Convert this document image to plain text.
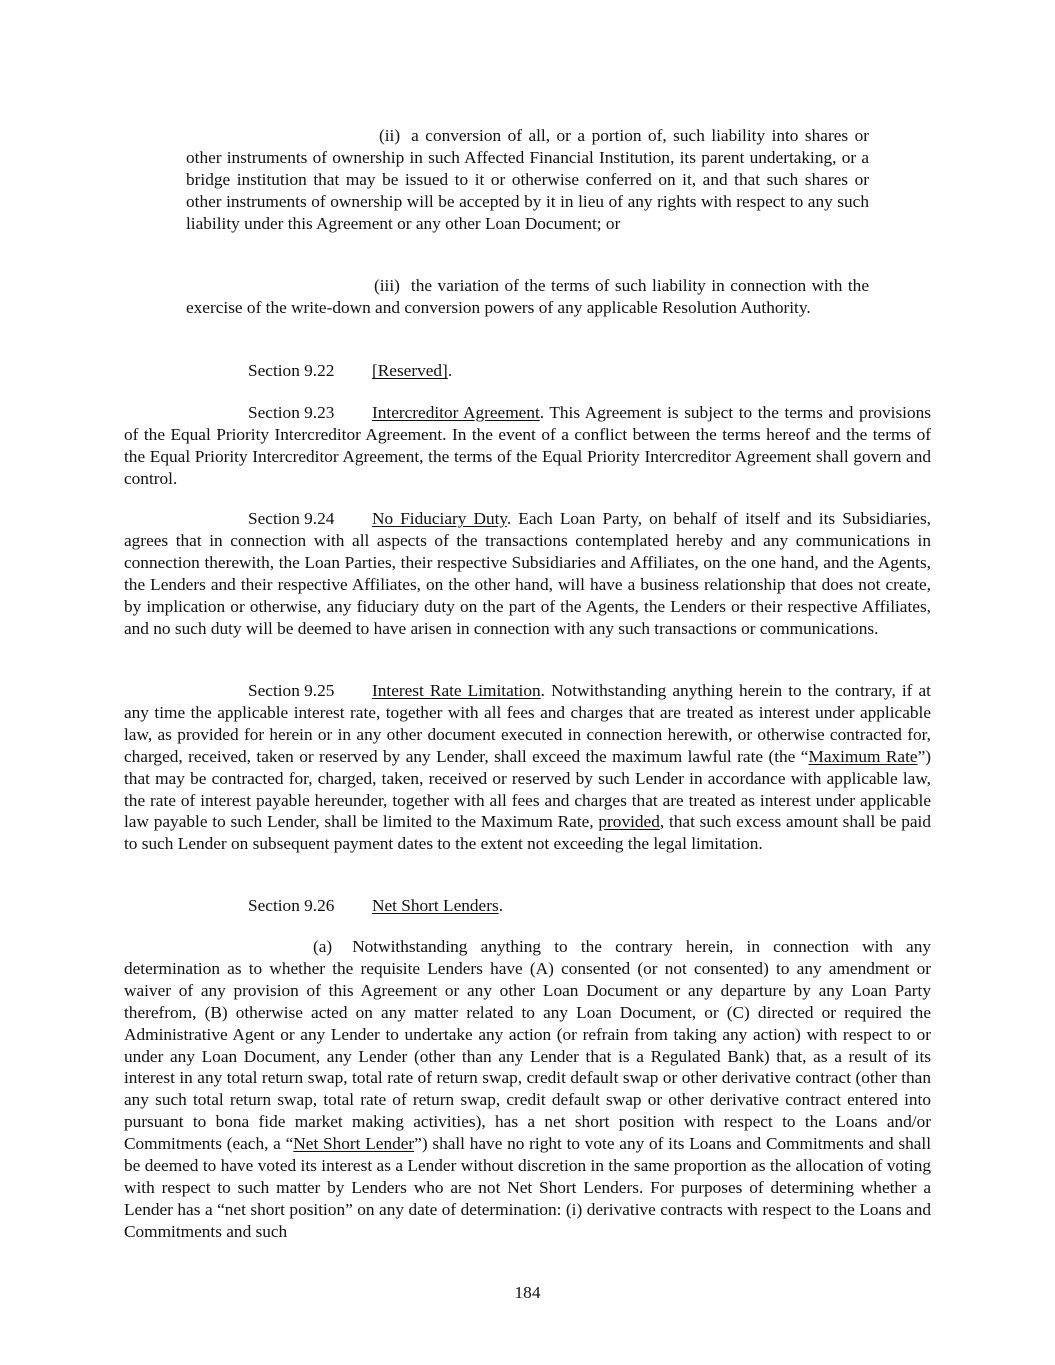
(ii) a conversion of all, or a portion of, such liability into shares or other instruments of ownership in such Affected Financial Institution, its parent undertaking, or a bridge institution that may be issued to it or otherwise conferred on it, and that such shares or other instruments of ownership will be accepted by it in lieu of any rights with respect to any such liability under this Agreement or any other Loan Document; or

(iii) the variation of the terms of such liability in connection with the exercise of the write-down and conversion powers of any applicable Resolution Authority.

Section 9.22 [Reserved].

Section 9.23 Intercreditor Agreement. This Agreement is subject to the terms and provisions of the Equal Priority Intercreditor Agreement. In the event of a conflict between the terms hereof and the terms of the Equal Priority Intercreditor Agreement, the terms of the Equal Priority Intercreditor Agreement shall govern and control.

Section 9.24 No Fiduciary Duty. Each Loan Party, on behalf of itself and its Subsidiaries, agrees that in connection with all aspects of the transactions contemplated hereby and any communications in connection therewith, the Loan Parties, their respective Subsidiaries and Affiliates, on the one hand, and the Agents, the Lenders and their respective Affiliates, on the other hand, will have a business relationship that does not create, by implication or otherwise, any fiduciary duty on the part of the Agents, the Lenders or their respective Affiliates, and no such duty will be deemed to have arisen in connection with any such transactions or communications.

Section 9.25 Interest Rate Limitation. Notwithstanding anything herein to the contrary, if at any time the applicable interest rate, together with all fees and charges that are treated as interest under applicable law, as provided for herein or in any other document executed in connection herewith, or otherwise contracted for, charged, received, taken or reserved by any Lender, shall exceed the maximum lawful rate (the “Maximum Rate”) that may be contracted for, charged, taken, received or reserved by such Lender in accordance with applicable law, the rate of interest payable hereunder, together with all fees and charges that are treated as interest under applicable law payable to such Lender, shall be limited to the Maximum Rate, provided, that such excess amount shall be paid to such Lender on subsequent payment dates to the extent not exceeding the legal limitation.

Section 9.26 Net Short Lenders.

(a) Notwithstanding anything to the contrary herein, in connection with any determination as to whether the requisite Lenders have (A) consented (or not consented) to any amendment or waiver of any provision of this Agreement or any other Loan Document or any departure by any Loan Party therefrom, (B) otherwise acted on any matter related to any Loan Document, or (C) directed or required the Administrative Agent or any Lender to undertake any action (or refrain from taking any action) with respect to or under any Loan Document, any Lender (other than any Lender that is a Regulated Bank) that, as a result of its interest in any total return swap, total rate of return swap, credit default swap or other derivative contract (other than any such total return swap, total rate of return swap, credit default swap or other derivative contract entered into pursuant to bona fide market making activities), has a net short position with respect to the Loans and/or Commitments (each, a “Net Short Lender”) shall have no right to vote any of its Loans and Commitments and shall be deemed to have voted its interest as a Lender without discretion in the same proportion as the allocation of voting with respect to such matter by Lenders who are not Net Short Lenders. For purposes of determining whether a Lender has a “net short position” on any date of determination: (i) derivative contracts with respect to the Loans and Commitments and such

184
